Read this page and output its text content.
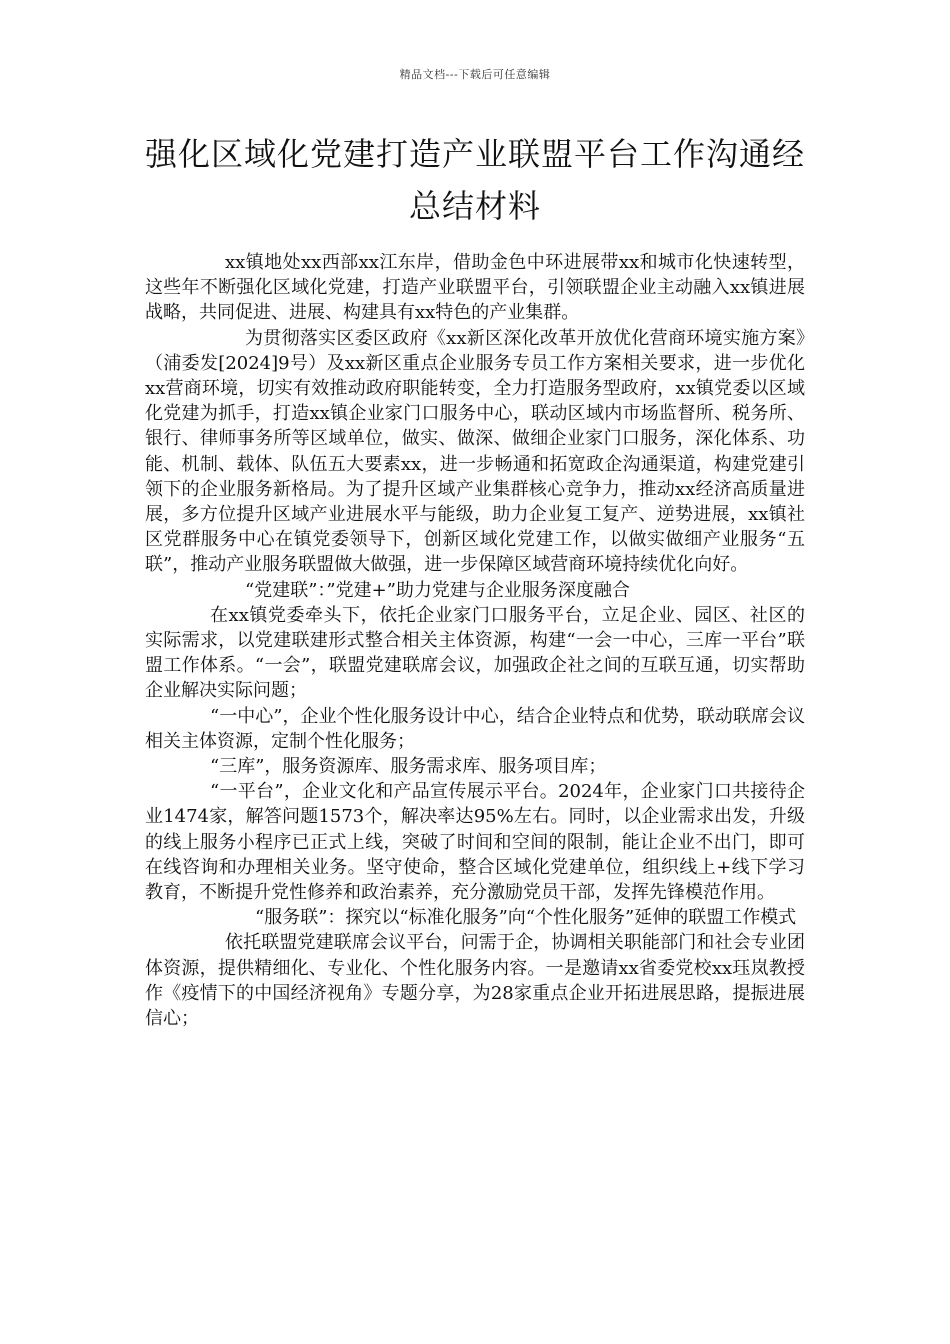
精品文档---下载后可任意编辑
强化区域化党建打造产业联盟平台工作沟通经总结材料

xx镇地处xx西部xx江东岸，借助金色中环进展带xx和城市化快速转型，这些年不断强化区域化党建，打造产业联盟平台，引领联盟企业主动融入xx镇进展战略，共同促进、进展、构建具有xx特色的产业集群。

为贯彻落实区委区政府《xx新区深化改革开放优化营商环境实施方案》（浦委发[2024]9号）及xx新区重点企业服务专员工作方案相关要求，进一步优化xx营商环境，切实有效推动政府职能转变，全力打造服务型政府，xx镇党委以区域化党建为抓手，打造xx镇企业家门口服务中心，联动区域内市场监督所、税务所、银行、律师事务所等区域单位，做实、做深、做细企业家门口服务，深化体系、功能、机制、载体、队伍五大要素xx，进一步畅通和拓宽政企沟通渠道，构建党建引领下的企业服务新格局。为了提升区域产业集群核心竞争力，推动xx经济高质量进展，多方位提升区域产业进展水平与能级，助力企业复工复产、逆势进展，xx镇社区党群服务中心在镇党委领导下，创新区域化党建工作，以做实做细产业服务“五联”，推动产业服务联盟做大做强，进一步保障区域营商环境持续优化向好。

“党建联”：”党建+”助力党建与企业服务深度融合

在xx镇党委牵头下，依托企业家门口服务平台，立足企业、园区、社区的实际需求，以党建联建形式整合相关主体资源，构建“一会一中心，三库一平台”联盟工作体系。“一会”，联盟党建联席会议，加强政企社之间的互联互通，切实帮助企业解决实际问题；

“一中心”，企业个性化服务设计中心，结合企业特点和优势，联动联席会议相关主体资源，定制个性化服务；

“三库”，服务资源库、服务需求库、服务项目库；

“一平台”，企业文化和产品宣传展示平台。2024年，企业家门口共接待企业1474家，解答问题1573个，解决率达95%左右。同时，以企业需求出发，升级的线上服务小程序已正式上线，突破了时间和空间的限制，能让企业不出门，即可在线咨询和办理相关业务。坚守使命，整合区域化党建单位，组织线上+线下学习教育，不断提升党性修养和政治素养，充分激励党员干部，发挥先锋模范作用。

“服务联”：探究以“标准化服务”向“个性化服务”延伸的联盟工作模式

依托联盟党建联席会议平台，问需于企，协调相关职能部门和社会专业团体资源，提供精细化、专业化、个性化服务内容。一是邀请xx省委党校xx珏岚教授作《疫情下的中国经济视角》专题分享，为28家重点企业开拓进展思路，提振进展信心；
